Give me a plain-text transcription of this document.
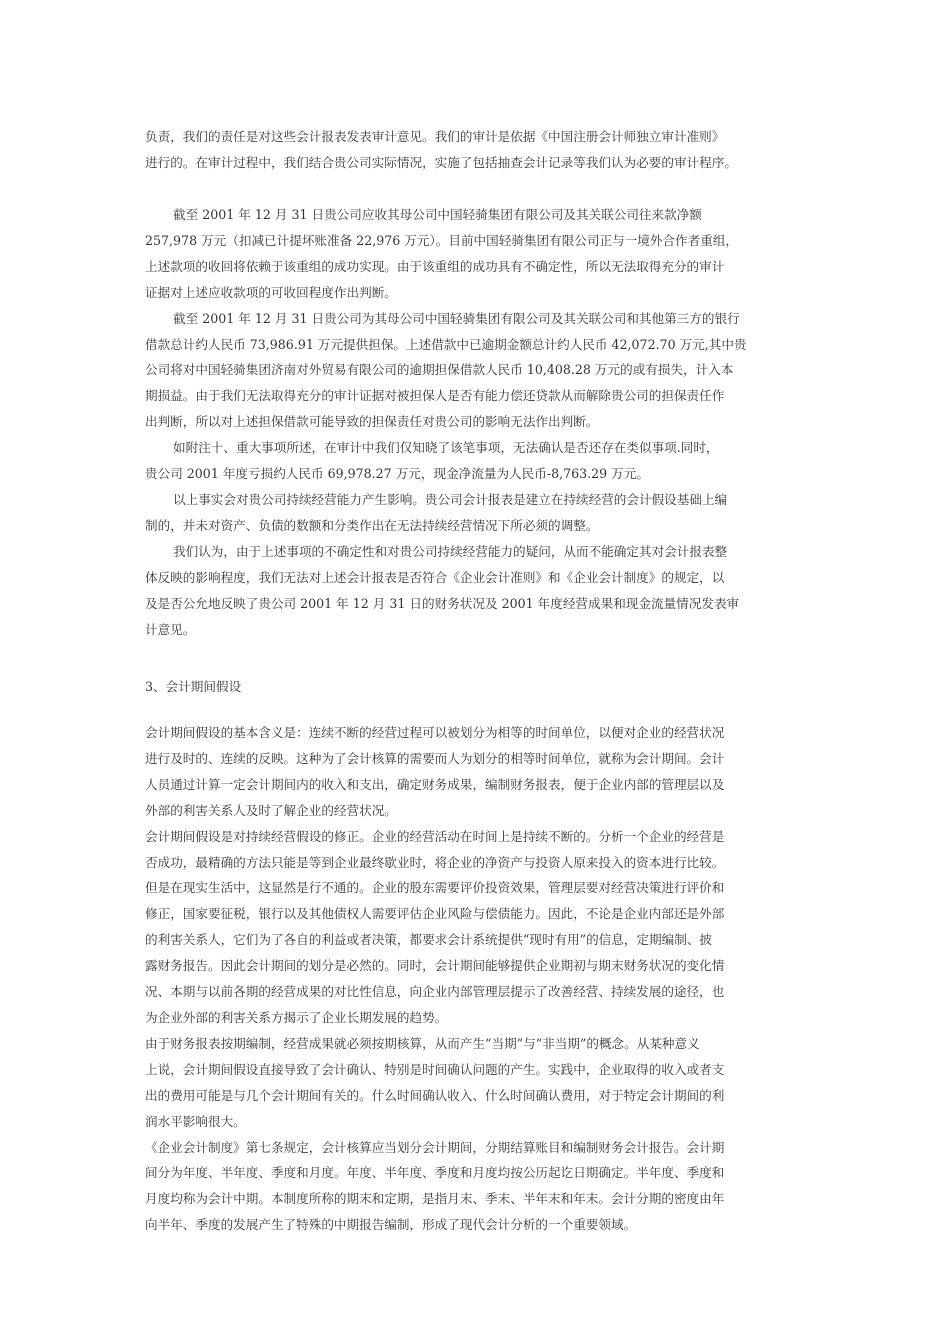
负责，我们的责任是对这些会计报表发表审计意见。我们的审计是依据《中国注册会计师独立审计准则》

进行的。在审计过程中，我们结合贵公司实际情况，实施了包括抽查会计记录等我们认为必要的审计程序。

截至 2001 年 12 月 31 日贵公司应收其母公司中国轻骑集团有限公司及其关联公司往来款净额

257,978 万元（扣减已计提坏账准备 22,976 万元）。目前中国轻骑集团有限公司正与一境外合作者重组，

上述款项的收回将依赖于该重组的成功实现。由于该重组的成功具有不确定性，所以无法取得充分的审计

证据对上述应收款项的可收回程度作出判断。

截至 2001 年 12 月 31 日贵公司为其母公司中国轻骑集团有限公司及其关联公司和其他第三方的银行

借款总计约人民币 73,986.91 万元提供担保。上述借款中已逾期金额总计约人民币 42,072.70 万元,其中贵

公司将对中国轻骑集团济南对外贸易有限公司的逾期担保借款人民币 10,408.28 万元的或有损失，计入本

期损益。由于我们无法取得充分的审计证据对被担保人是否有能力偿还贷款从而解除贵公司的担保责任作

出判断，所以对上述担保借款可能导致的担保责任对贵公司的影响无法作出判断。

如附注十、重大事项所述，在审计中我们仅知晓了该笔事项，无法确认是否还存在类似事项.同时，

贵公司 2001 年度亏损约人民币 69,978.27 万元，现金净流量为人民币-8,763.29 万元。

以上事实会对贵公司持续经营能力产生影响。贵公司会计报表是建立在持续经营的会计假设基础上编

制的，并未对资产、负债的数额和分类作出在无法持续经营情况下所必须的调整。

我们认为，由于上述事项的不确定性和对贵公司持续经营能力的疑问，从而不能确定其对会计报表整

体反映的影响程度，我们无法对上述会计报表是否符合《企业会计准则》和《企业会计制度》的规定，以

及是否公允地反映了贵公司 2001 年 12 月 31 日的财务状况及 2001 年度经营成果和现金流量情况发表审

计意见。

3、会计期间假设

会计期间假设的基本含义是：连续不断的经营过程可以被划分为相等的时间单位，以便对企业的经营状况

进行及时的、连续的反映。这种为了会计核算的需要而人为划分的相等时间单位，就称为会计期间。会计

人员通过计算一定会计期间内的收入和支出，确定财务成果，编制财务报表，便于企业内部的管理层以及

外部的利害关系人及时了解企业的经营状况。

会计期间假设是对持续经营假设的修正。企业的经营活动在时间上是持续不断的。分析一个企业的经营是

否成功，最精确的方法只能是等到企业最终歇业时，将企业的净资产与投资人原来投入的资本进行比较。

但是在现实生活中，这显然是行不通的。企业的股东需要评价投资效果，管理层要对经营决策进行评价和

修正，国家要征税，银行以及其他债权人需要评估企业风险与偿债能力。因此，不论是企业内部还是外部

的利害关系人，它们为了各自的利益或者决策，都要求会计系统提供“现时有用”的信息，定期编制、披

露财务报告。因此会计期间的划分是必然的。同时，会计期间能够提供企业期初与期末财务状况的变化情

况、本期与以前各期的经营成果的对比性信息，向企业内部管理层提示了改善经营、持续发展的途径，也

为企业外部的利害关系方揭示了企业长期发展的趋势。

由于财务报表按期编制，经营成果就必须按期核算，从而产生“当期”与“非当期”的概念。从某种意义

上说，会计期间假设直接导致了会计确认、特别是时间确认问题的产生。实践中，企业取得的收入或者支

出的费用可能是与几个会计期间有关的。什么时间确认收入、什么时间确认费用，对于特定会计期间的利

润水平影响很大。

《企业会计制度》第七条规定，会计核算应当划分会计期间，分期结算账目和编制财务会计报告。会计期

间分为年度、半年度、季度和月度。年度、半年度、季度和月度均按公历起讫日期确定。半年度、季度和

月度均称为会计中期。本制度所称的期末和定期，是指月末、季末、半年末和年末。会计分期的密度由年

向半年、季度的发展产生了特殊的中期报告编制，形成了现代会计分析的一个重要领域。
